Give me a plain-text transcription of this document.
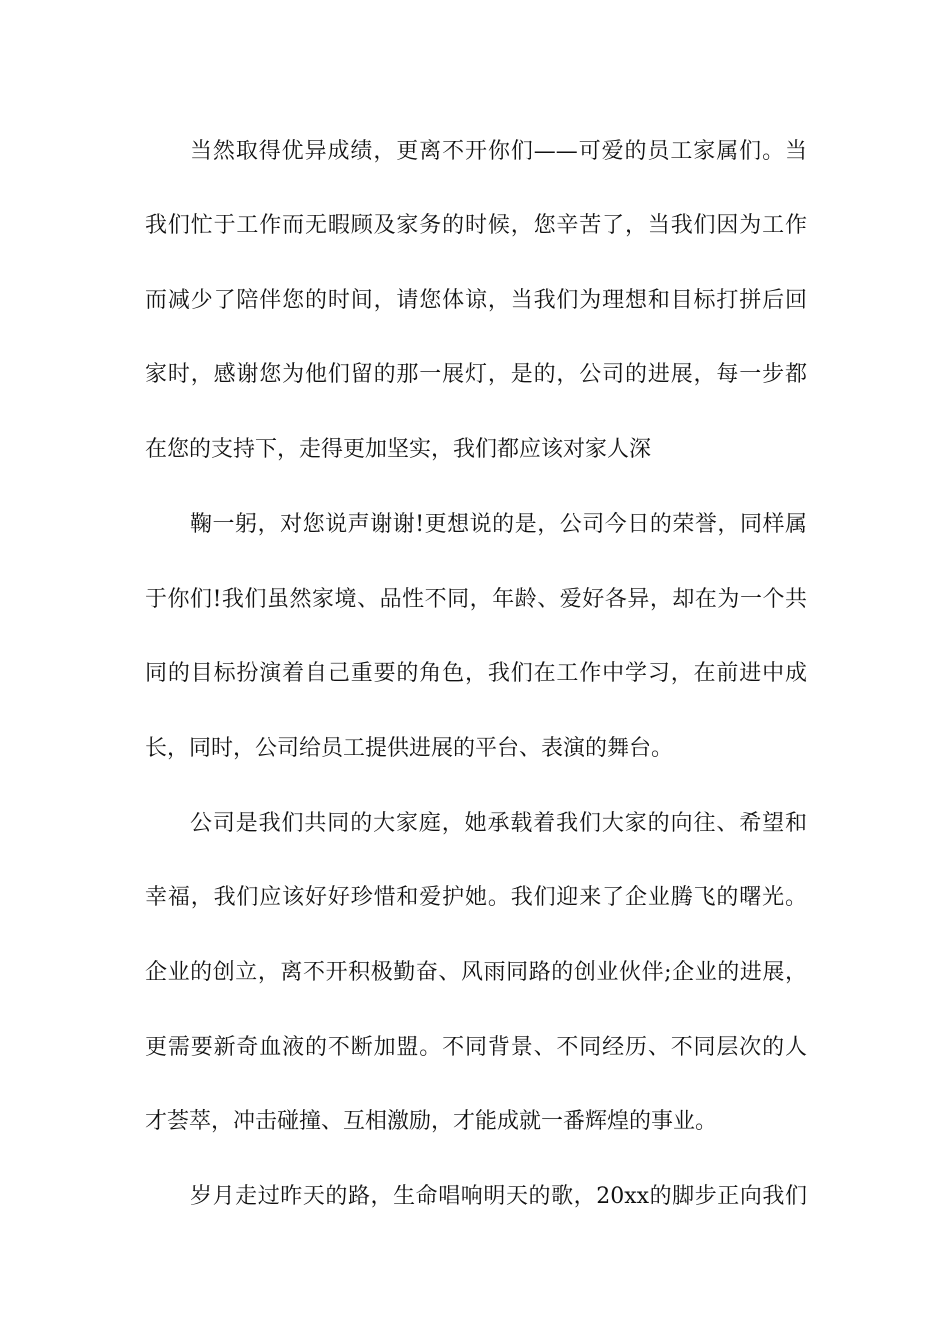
当然取得优异成绩，更离不开你们——可爱的员工家属们。当
我们忙于工作而无暇顾及家务的时候，您辛苦了，当我们因为工作
而减少了陪伴您的时间，请您体谅，当我们为理想和目标打拼后回
家时，感谢您为他们留的那一展灯，是的，公司的进展，每一步都
在您的支持下，走得更加坚实，我们都应该对家人深
鞠一躬，对您说声谢谢!更想说的是，公司今日的荣誉，同样属
于你们!我们虽然家境、品性不同，年龄、爱好各异，却在为一个共
同的目标扮演着自己重要的角色，我们在工作中学习，在前进中成
长，同时，公司给员工提供进展的平台、表演的舞台。
公司是我们共同的大家庭，她承载着我们大家的向往、希望和
幸福，我们应该好好珍惜和爱护她。我们迎来了企业腾飞的曙光。
企业的创立，离不开积极勤奋、风雨同路的创业伙伴;企业的进展，
更需要新奇血液的不断加盟。不同背景、不同经历、不同层次的人
才荟萃，冲击碰撞、互相激励，才能成就一番辉煌的事业。
岁月走过昨天的路，生命唱响明天的歌，20xx的脚步正向我们
